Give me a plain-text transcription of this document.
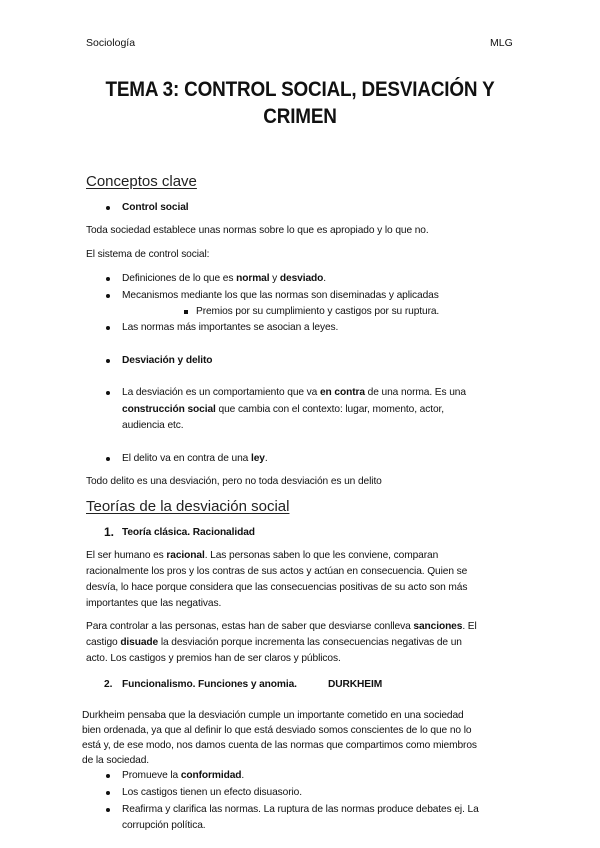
Sociología	MLG
TEMA 3: CONTROL SOCIAL, DESVIACIÓN Y
CRIMEN
Conceptos clave
Control social
Toda sociedad establece unas normas sobre lo que es apropiado y lo que no.
El sistema de control social:
Definiciones de lo que es normal y desviado.
Mecanismos mediante los que las normas son diseminadas y aplicadas
Premios por su cumplimiento y castigos por su ruptura.
Las normas más importantes se asocian a leyes.
Desviación y delito
La desviación es un comportamiento que va en contra de una norma. Es una
construcción social que cambia con el contexto: lugar, momento, actor,
audiencia etc.
El delito va en contra de una ley.
Todo delito es una desviación, pero no toda desviación es un delito
Teorías de la desviación social
1. Teoría clásica. Racionalidad
El ser humano es racional. Las personas saben lo que les conviene, comparan
racionalmente los pros y los contras de sus actos y actúan en consecuencia. Quien se
desvía, lo hace porque considera que las consecuencias positivas de su acto son más
importantes que las negativas.
Para controlar a las personas, estas han de saber que desviarse conlleva sanciones. El
castigo disuade la desviación porque incrementa las consecuencias negativas de un
acto. Los castigos y premios han de ser claros y públicos.
2. Funcionalismo. Funciones y anomia.	DURKHEIM
Durkheim pensaba que la desviación cumple un importante cometido en una sociedad
bien ordenada, ya que al definir lo que está desviado somos conscientes de lo que no lo
está y, de ese modo, nos damos cuenta de las normas que compartimos como miembros
de la sociedad.
Promueve la conformidad.
Los castigos tienen un efecto disuasorio.
Reafirma y clarifica las normas. La ruptura de las normas produce debates ej. La
corrupción política.
